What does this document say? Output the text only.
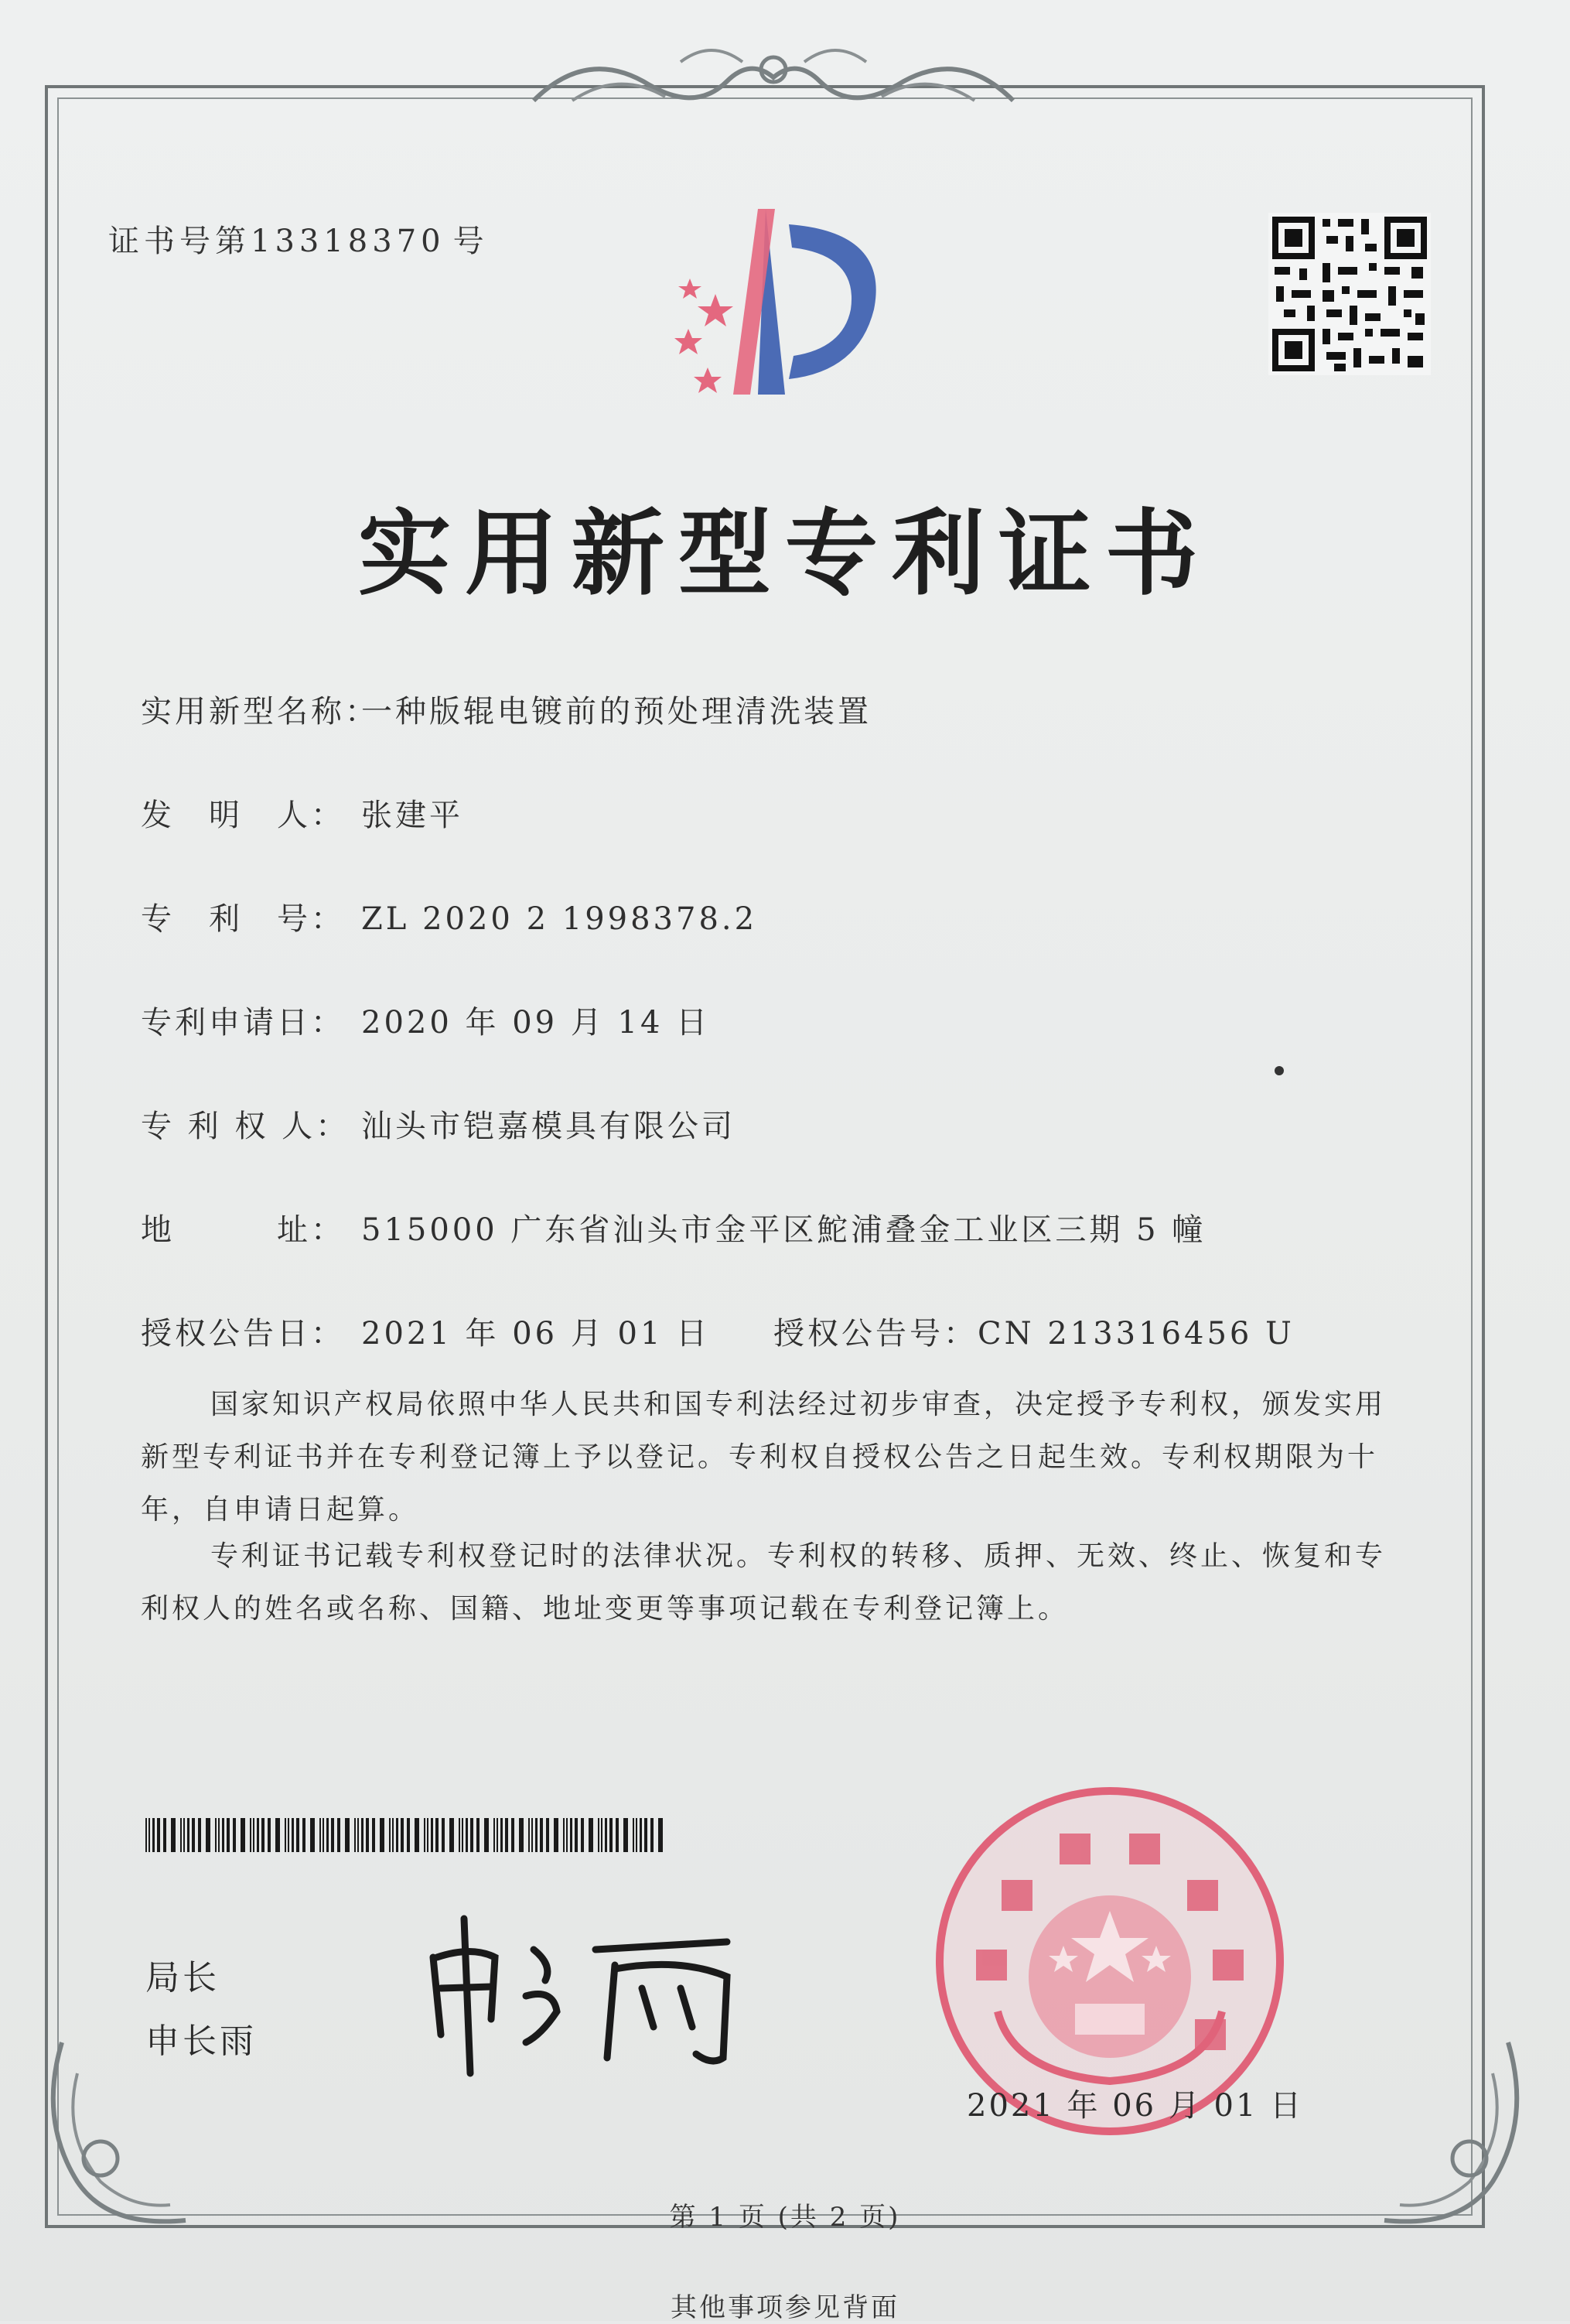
证书号第13318370 号
实用新型专利证书
实用新型名称：一种版辊电镀前的预处理清洗装置
发　明　人： 张建平
专　利　号： ZL 2020 2 1998378.2
专利申请日： 2020 年 09 月 14 日
专 利 权 人： 汕头市铠嘉模具有限公司
地　　　址： 515000 广东省汕头市金平区鮀浦叠金工业区三期 5 幢
授权公告日： 2021 年 06 月 01 日 授权公告号：CN 213316456 U
国家知识产权局依照中华人民共和国专利法经过初步审查，决定授予专利权，颁发实用新型专利证书并在专利登记簿上予以登记。专利权自授权公告之日起生效。专利权期限为十年，自申请日起算。
专利证书记载专利权登记时的法律状况。专利权的转移、质押、无效、终止、恢复和专利权人的姓名或名称、国籍、地址变更等事项记载在专利登记簿上。
局长
申长雨
2021 年 06 月 01 日
第 1 页 (共 2 页)
其他事项参见背面
